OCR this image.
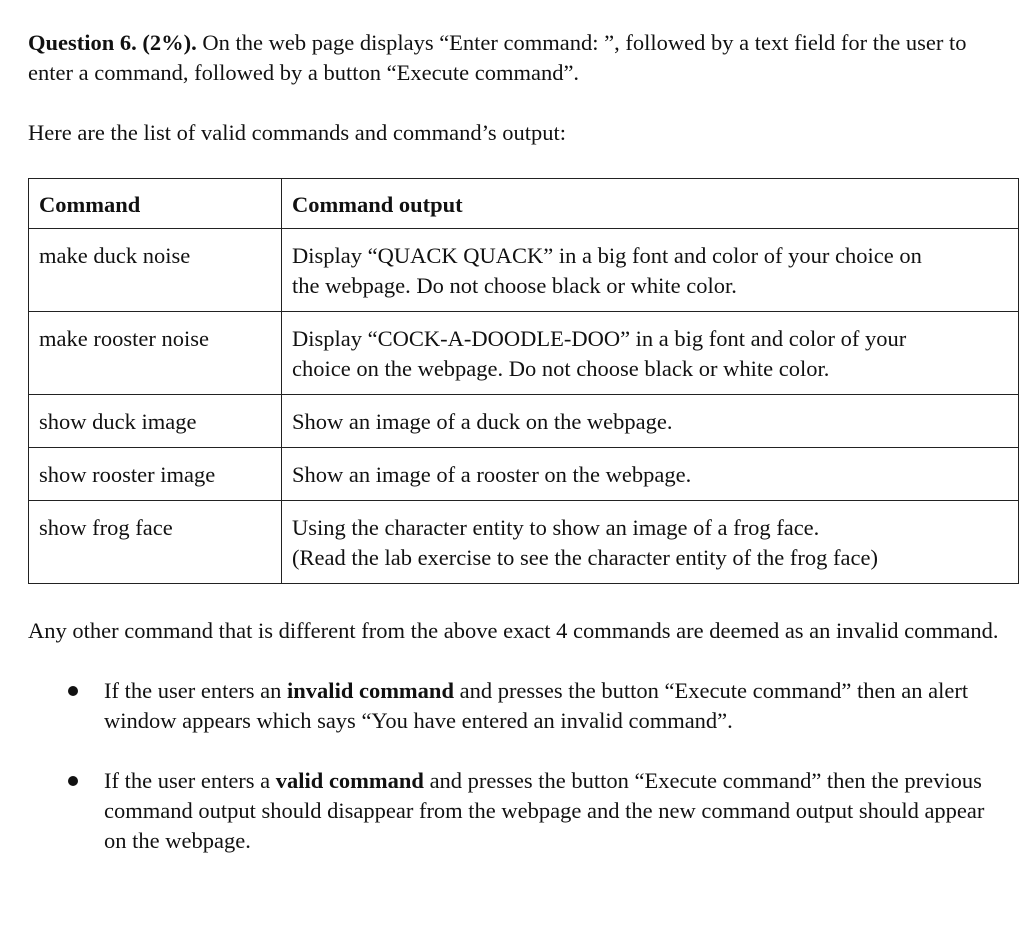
Question 6. (2%). On the web page displays “Enter command: ”, followed by a text field for the user to enter a command, followed by a button “Execute command”.

Here are the list of valid commands and command’s output:

Command	Command output
make duck noise	Display “QUACK QUACK” in a big font and color of your choice on
the webpage. Do not choose black or white color.

make rooster noise	Display “COCK-A-DOODLE-DOO” in a big font and color of your
choice on the webpage. Do not choose black or white color.

show duck image	Show an image of a duck on the webpage.

show rooster image	Show an image of a rooster on the webpage.

show frog face	Using the character entity to show an image of a frog face.
(Read the lab exercise to see the character entity of the frog face)

Any other command that is different from the above exact 4 commands are deemed as an invalid command.

If the user enters an invalid command and presses the button “Execute command” then an alert window appears which says “You have entered an invalid command”.
If the user enters a valid command and presses the button “Execute command” then the previous command output should disappear from the webpage and the new command output should appear on the webpage.
